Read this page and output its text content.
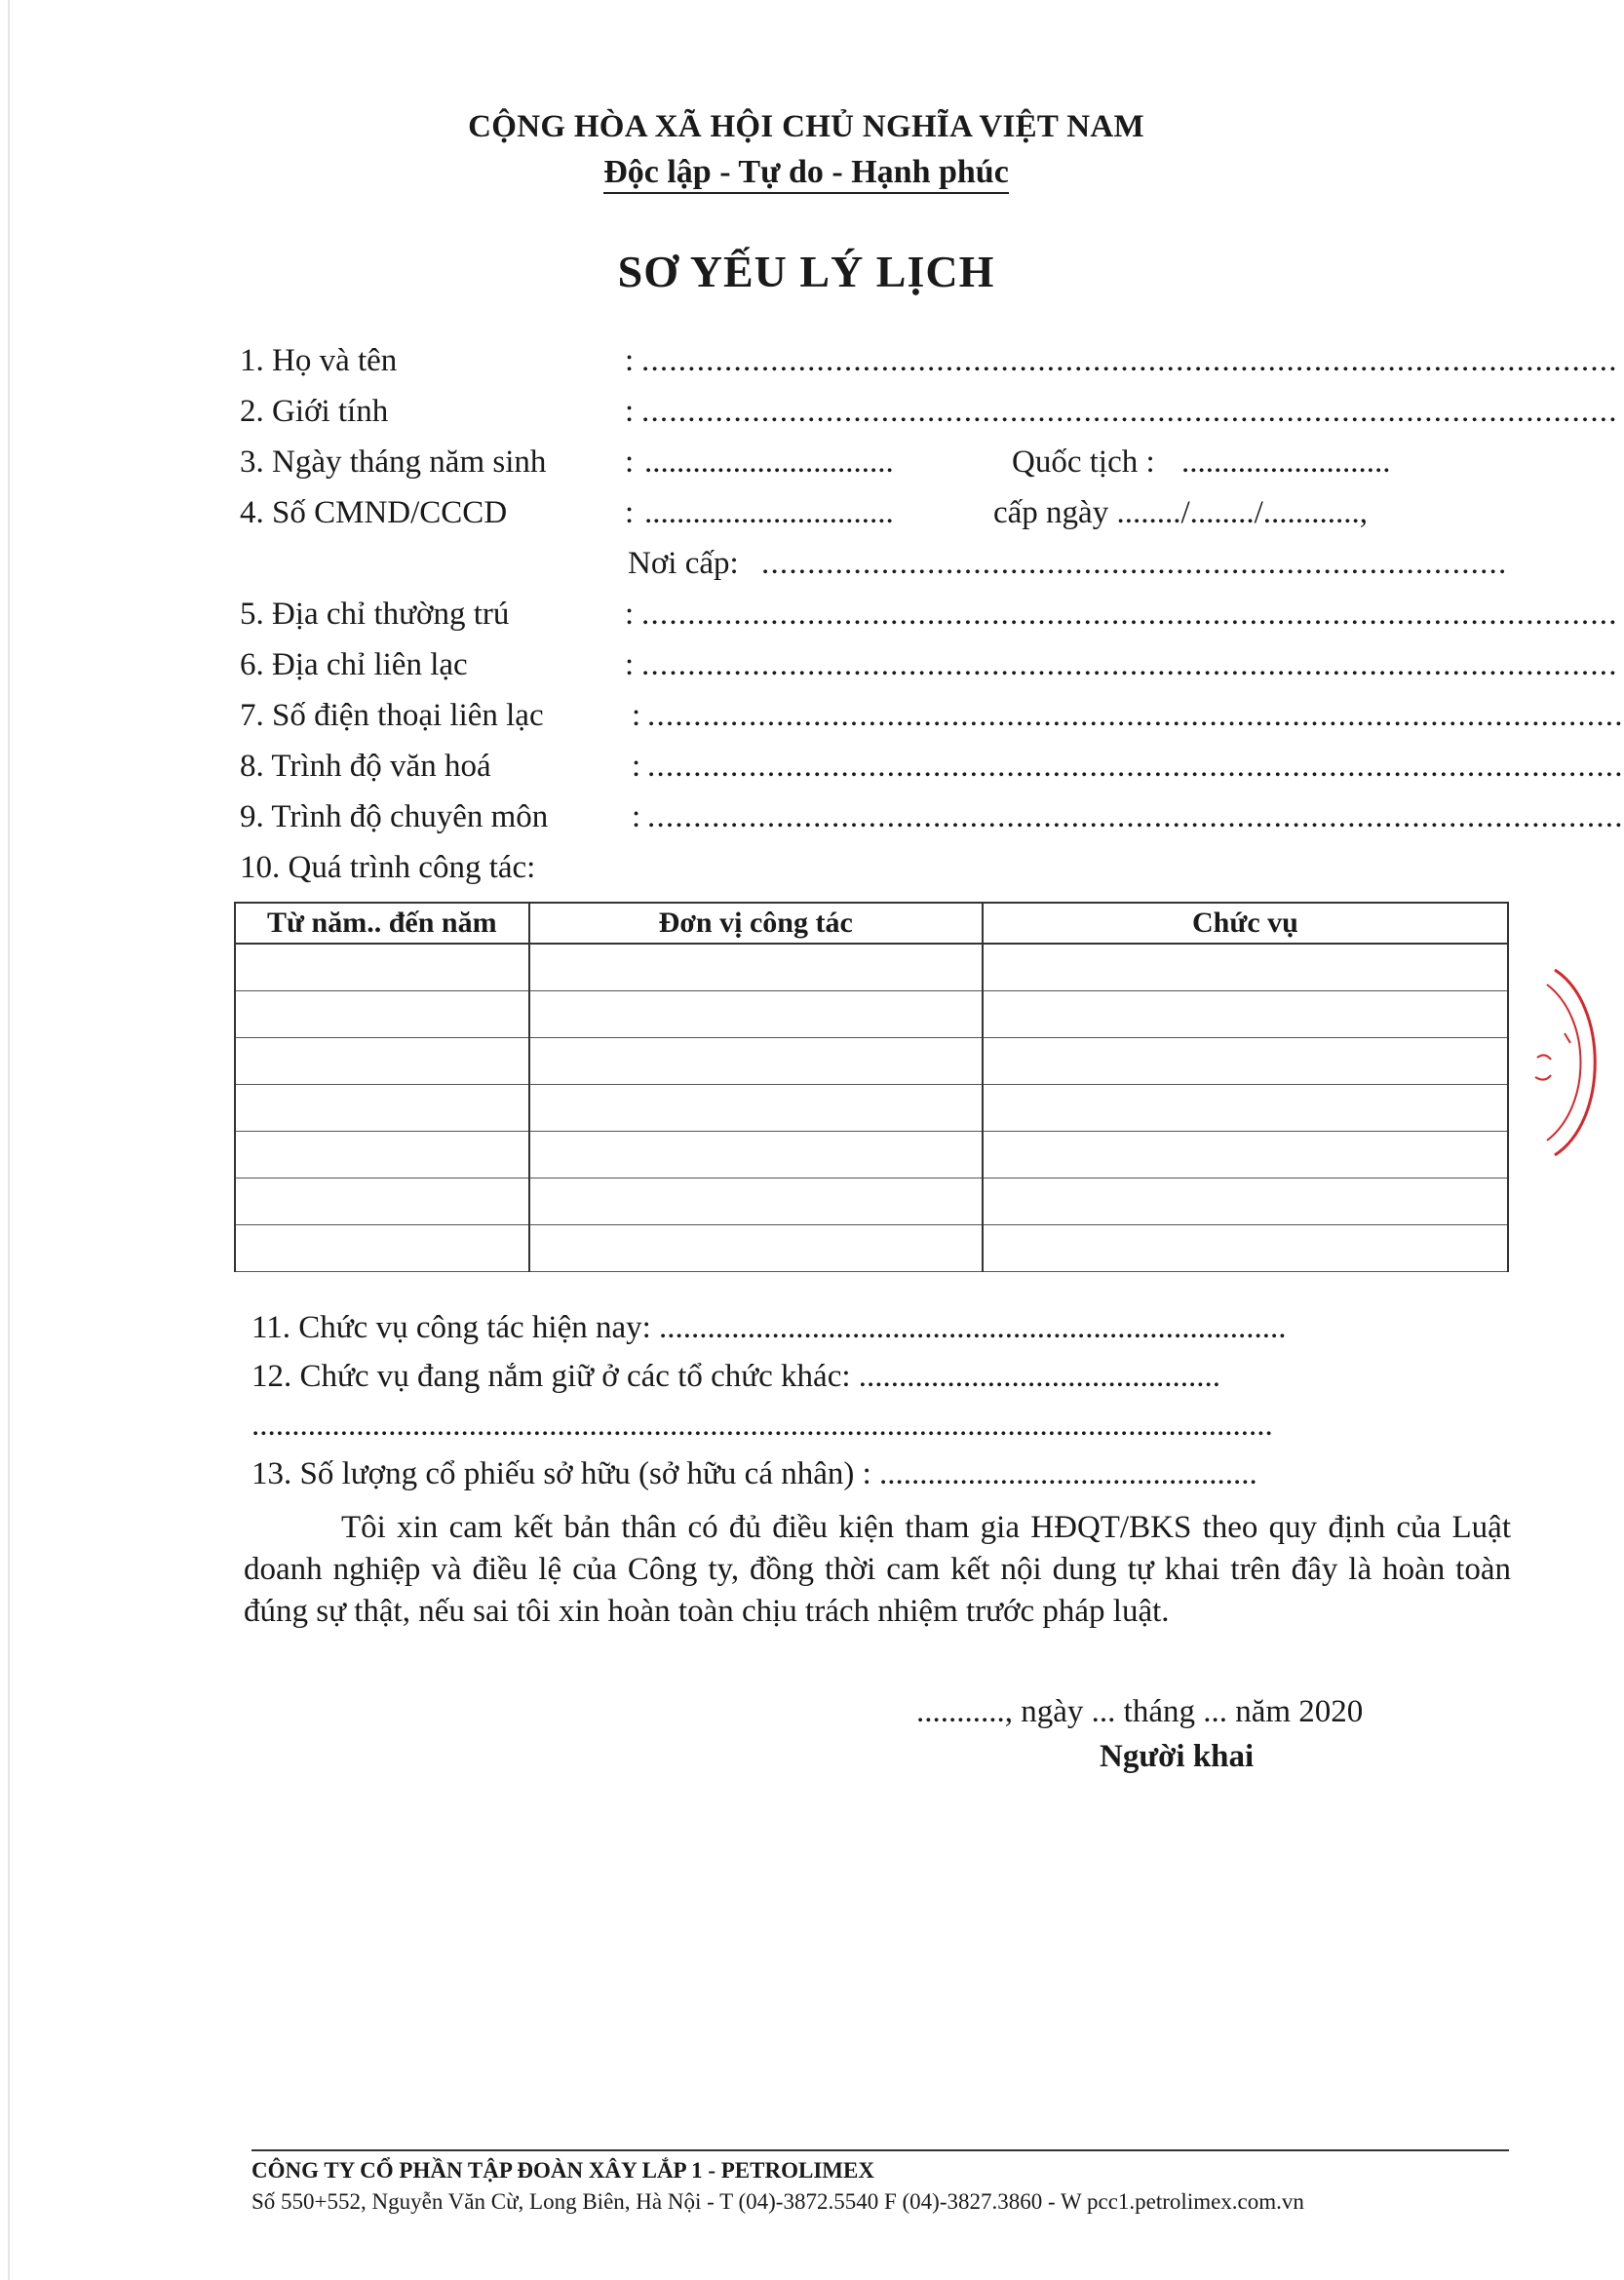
CỘNG HÒA XÃ HỘI CHỦ NGHĨA VIỆT NAM
Độc lập - Tự do - Hạnh phúc
SƠ YẾU LÝ LỊCH
1. Họ và tên	: ..........................................................................................................
2. Giới tính	: ..........................................................................................................
3. Ngày tháng năm sinh : ...............................	Quốc tịch : ..........................
4. Số CMND/CCCD	: ...............................	cấp ngày ......../......../............,
Nơi cấp: .................................................................................
5. Địa chỉ thường trú	: ..........................................................................................................
6. Địa chỉ liên lạc	: ..........................................................................................................
7. Số điện thoại liên lạc	: ..........................................................................................................
8. Trình độ văn hoá	: ..........................................................................................................
9. Trình độ chuyên môn	: ..........................................................................................................
10. Quá trình công tác:
Từ năm.. đến năm	Đơn vị công tác	Chức vụ

11. Chức vụ công tác hiện nay: ..............................................................................
12. Chức vụ đang nắm giữ ở các tổ chức khác: .............................................
...............................................................................................................................
13. Số lượng cổ phiếu sở hữu (sở hữu cá nhân) : ...............................................
Tôi xin cam kết bản thân có đủ điều kiện tham gia HĐQT/BKS theo quy định của Luật doanh nghiệp và điều lệ của Công ty, đồng thời cam kết nội dung tự khai trên đây là hoàn toàn đúng sự thật, nếu sai tôi xin hoàn toàn chịu trách nhiệm trước pháp luật.
..........., ngày ... tháng ... năm 2020
Người khai
CÔNG TY CỔ PHẦN TẬP ĐOÀN XÂY LẮP 1 - PETROLIMEX
Số 550+552, Nguyễn Văn Cừ, Long Biên, Hà Nội - T (04)-3872.5540 F (04)-3827.3860 - W pcc1.petrolimex.com.vn
